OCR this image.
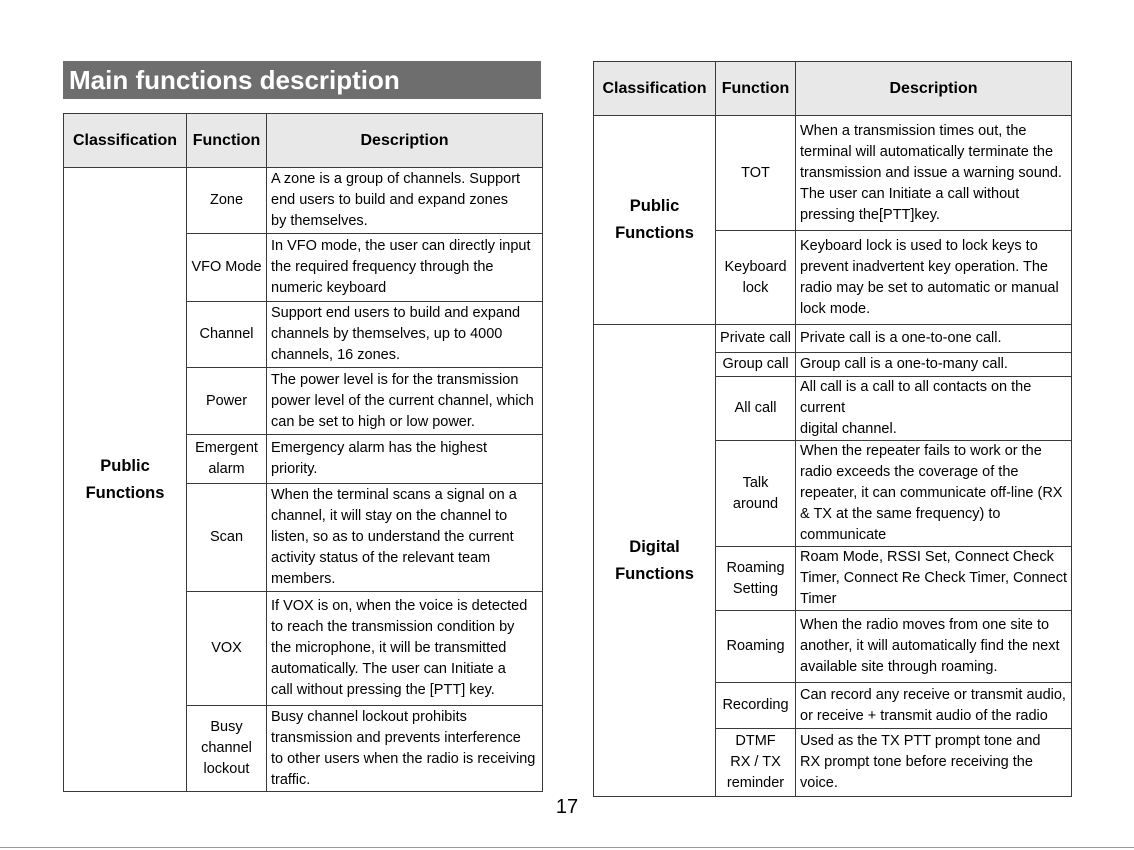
Main functions description
Classification	Function	Description
Public
Functions	Zone	A zone is a group of channels. Support
end users to build and expand zones
by themselves.
	VFO Mode	In VFO mode, the user can directly input
the required frequency through the
numeric keyboard
	Channel	Support end users to build and expand
channels by themselves, up to 4000
channels, 16 zones.
	Power	The power level is for the transmission
power level of the current channel, which
can be set to high or low power.
	Emergent
alarm	Emergency alarm has the highest
priority.
	Scan	When the terminal scans a signal on a
channel, it will stay on the channel to
listen, so as to understand the current
activity status of the relevant team
members.
	VOX	If VOX is on, when the voice is detected
to reach the transmission condition by
the microphone, it will be transmitted
automatically. The user can Initiate a
call without pressing the [PTT] key.
	Busy
channel
lockout	Busy channel lockout prohibits
transmission and prevents interference
to other users when the radio is receiving
traffic.
Classification	Function	Description
Public
Functions	TOT	When a transmission times out, the
terminal will automatically terminate the
transmission and issue a warning sound.
The user can Initiate a call without
pressing the[PTT]key.
	Keyboard
lock	Keyboard lock is used to lock keys to
prevent inadvertent key operation. The
radio may be set to automatic or manual
lock mode.
Digital
Functions	Private call	Private call is a one-to-one call.
	Group call	Group call is a one-to-many call.
	All call	All call is a call to all contacts on the current
digital channel.
	Talk
around	When the repeater fails to work or the
radio exceeds the coverage of the
repeater, it can communicate off-line (RX
& TX at the same frequency) to
communicate
	Roaming
Setting	Roam Mode, RSSI Set, Connect Check
Timer, Connect Re Check Timer, Connect
Timer
	Roaming	When the radio moves from one site to
another, it will automatically find the next
available site through roaming.
	Recording	Can record any receive or transmit audio,
or receive + transmit audio of the radio
	DTMF
RX / TX
reminder	Used as the TX PTT prompt tone and
RX prompt tone before receiving the
voice.
17
